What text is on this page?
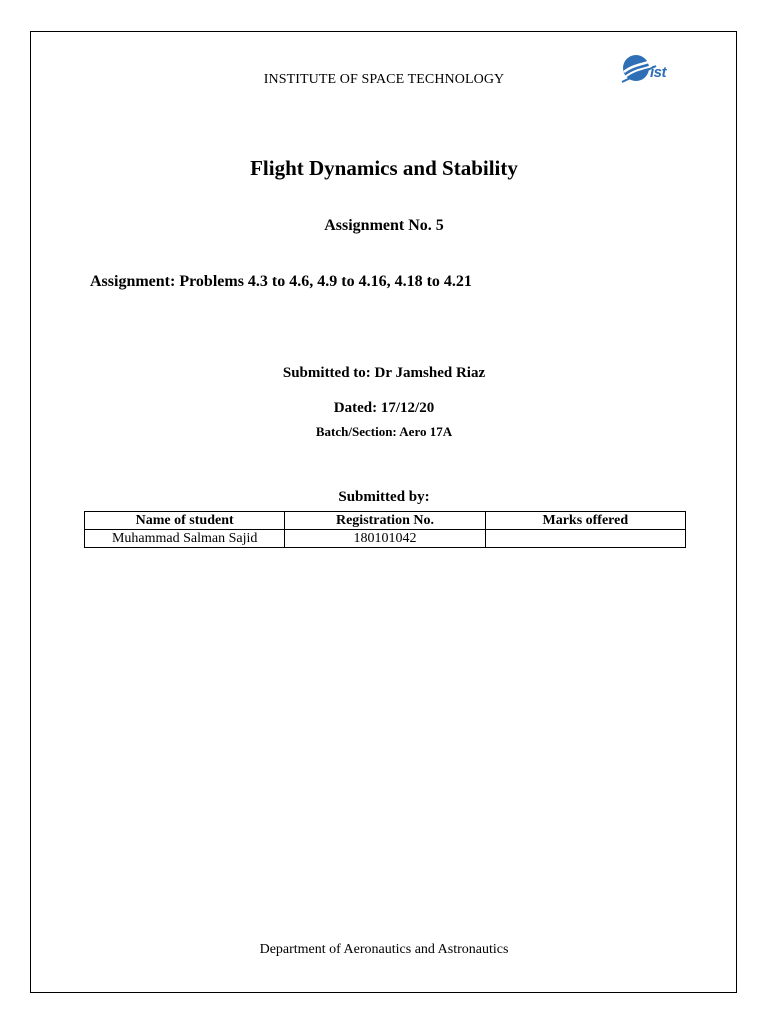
INSTITUTE OF SPACE TECHNOLOGY	ist
Flight Dynamics and Stability
Assignment No. 5
Assignment: Problems 4.3 to 4.6, 4.9 to 4.16, 4.18 to 4.21
Submitted to: Dr Jamshed Riaz
Dated: 17/12/20
Batch/Section: Aero 17A
Submitted by:
Name of student	Registration No.	Marks offered
Muhammad Salman Sajid	180101042	
Department of Aeronautics and Astronautics
